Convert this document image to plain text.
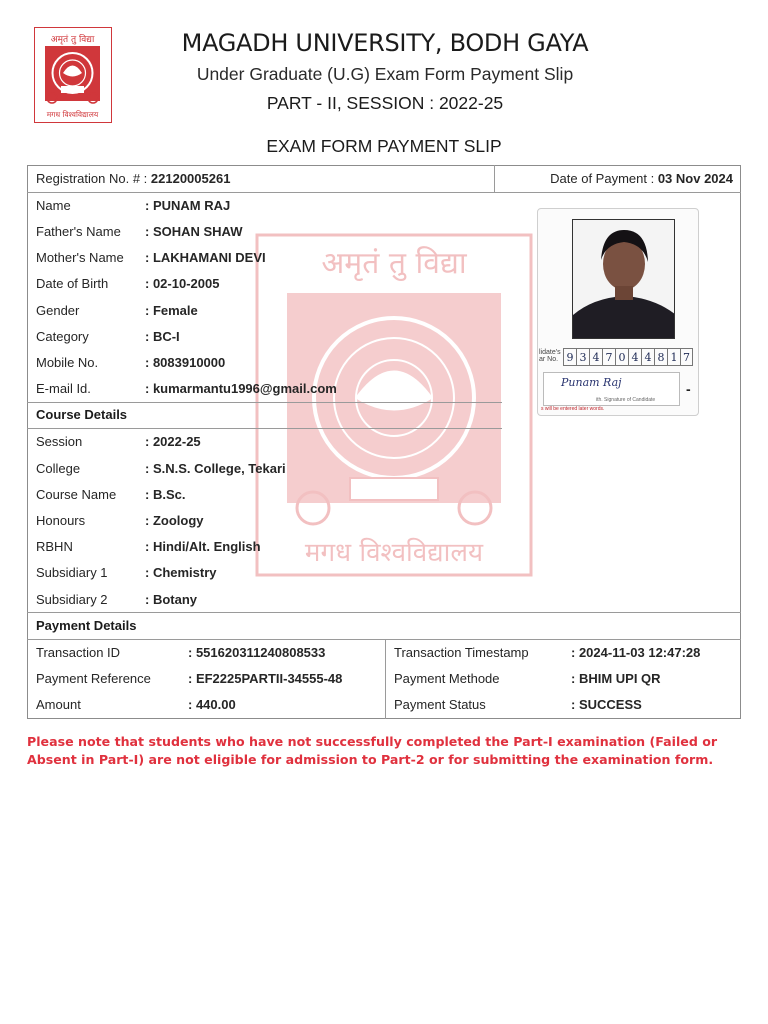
अमृतं तु विद्या
मगध विश्वविद्यालय
MAGADH UNIVERSITY, BODH GAYA
Under Graduate (U.G) Exam Form Payment Slip
PART - II, SESSION : 2022-25
EXAM FORM PAYMENT SLIP
अमृतं तु विद्या
मगध विश्वविद्यालय
Registration No. # : 22120005261	Date of Payment : 03 Nov 2024
Name	: PUNAM RAJ
Father's Name : SOHAN SHAW
Mother's Name : LAKHAMANI DEVI
Date of Birth	: 02-10-2005
Gender	: Female
Category	: BC-I
Mobile No.	: 8083910000
E-mail Id.	: kumarmantu1996@gmail.com
Course Details
Session	: 2022-25
College	: S.N.S. College, Tekari
Course Name : B.Sc.
Honours	: Zoology
RBHN	: Hindi/Alt. English
Subsidiary 1	: Chemistry
Subsidiary 2	: Botany
Payment Details
Transaction ID	: 551620311240808533
Payment Reference	: EF2225PARTII-34555-48
Amount	: 440.00
Transaction Timestamp	: 2024-11-03 12:47:28
Payment Methode	: BHIM UPI QR
Payment Status	: SUCCESS
lidate's
ar No. 9 3 4 7 0 4 4 8 1 7
Punam Raj
ith. Signature of Candidate
s will be entered later words.
-
Please note that students who have not successfully completed the Part-I examination (Failed or Absent in Part-I) are not eligible for admission to Part-2 or for submitting the examination form.
